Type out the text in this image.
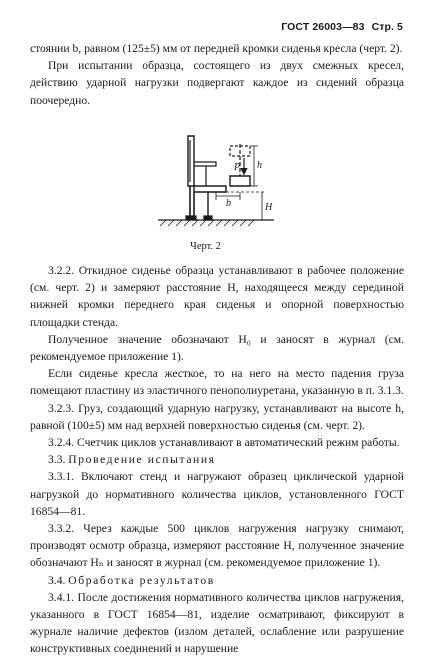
ГОСТ 26003—83 Стр. 5

стоянии b, равном (125±5) мм от передней кромки сиденья кресла (черт. 2).

При испытании образца, состоящего из двух смежных кресел, действию ударной нагрузки подвергают каждое из сидений образца поочередно.

P h
b	H
Черт. 2

3.2.2. Откидное сиденье образца устанавливают в рабочее положение (см. черт. 2) и замеряют расстояние H, находящееся между серединой нижней кромки переднего края сиденья и опорной поверхностью площадки стенда.

Полученное значение обозначают H₀ и заносят в журнал (см. рекомендуемое приложение 1).

Если сиденье кресла жесткое, то на него на место падения груза помещают пластину из эластичного пенополиуретана, указанную в п. 3.1.3.

3.2.3. Груз, создающий ударную нагрузку, устанавливают на высоте h, равной (100±5) мм над верхней поверхностью сиденья (см. черт. 2).

3.2.4. Счетчик циклов устанавливают в автоматический режим работы.

3.3. Проведение испытания

3.3.1. Включают стенд и нагружают образец циклической ударной нагрузкой до нормативного количества циклов, установленного ГОСТ 16854—81.

3.3.2. Через каждые 500 циклов нагружения нагрузку снимают, производят осмотр образца, измеряют расстояние H, полученное значение обозначают Hₙ и заносят в журнал (см. рекомендуемое приложение 1).

3.4. Обработка результатов

3.4.1. После достижения нормативного количества циклов нагружения, указанного в ГОСТ 16854—81, изделие осматривают, фиксируют в журнале наличие дефектов (излом деталей, ослабление или разрушение конструктивных соединений и нарушение
